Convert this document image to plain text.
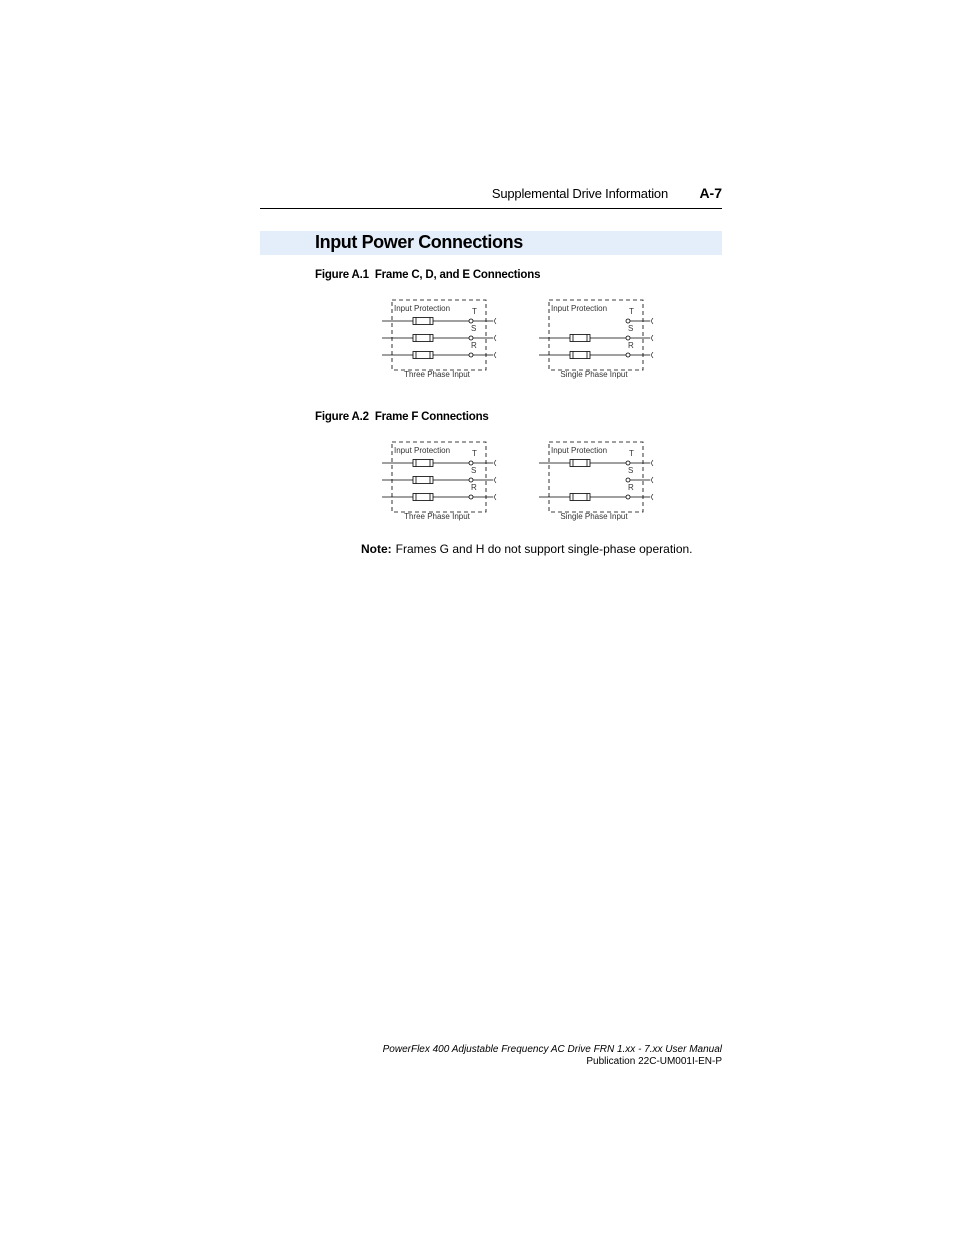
Supplemental Drive Information A-7
Input Power Connections
Figure A.1 Frame C, D, and E Connections
Input Protection	T
S
R
Three Phase Input
Input Protection	T
S
R
Single Phase Input
Figure A.2 Frame F Connections
Input Protection	T
S
R
Three Phase Input
Input Protection	T
S
R
Single Phase Input
Note: Frames G and H do not support single-phase operation.
PowerFlex 400 Adjustable Frequency AC Drive FRN 1.xx - 7.xx User Manual
Publication 22C-UM001I-EN-P
